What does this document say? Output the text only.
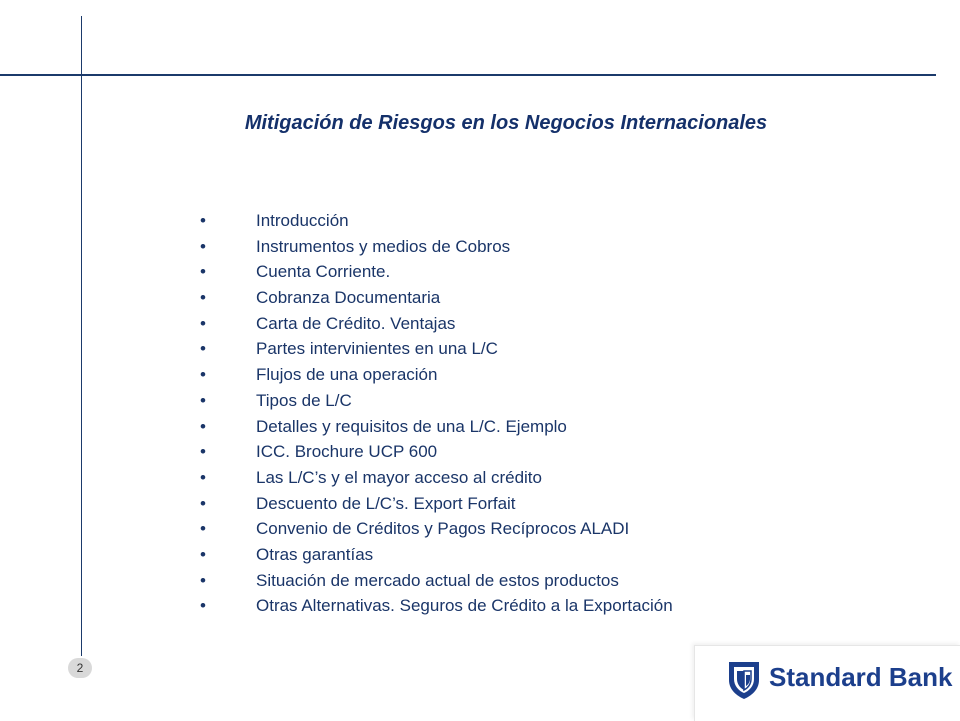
Mitigación de Riesgos en los Negocios Internacionales
•	Introducción
•	Instrumentos y medios de Cobros
•	Cuenta Corriente.
•	Cobranza Documentaria
•	Carta de Crédito. Ventajas
•	Partes intervinientes en una L/C
•	Flujos de una operación
•	Tipos de L/C
•	Detalles y requisitos de una L/C. Ejemplo
•	ICC. Brochure UCP 600
•	Las L/C’s y el mayor acceso al crédito
•	Descuento de L/C’s. Export Forfait
•	Convenio de Créditos y Pagos Recíprocos ALADI
•	Otras garantías
•	Situación de mercado actual de estos productos
•	Otras Alternativas. Seguros de Crédito a la Exportación
2	Standard Bank
